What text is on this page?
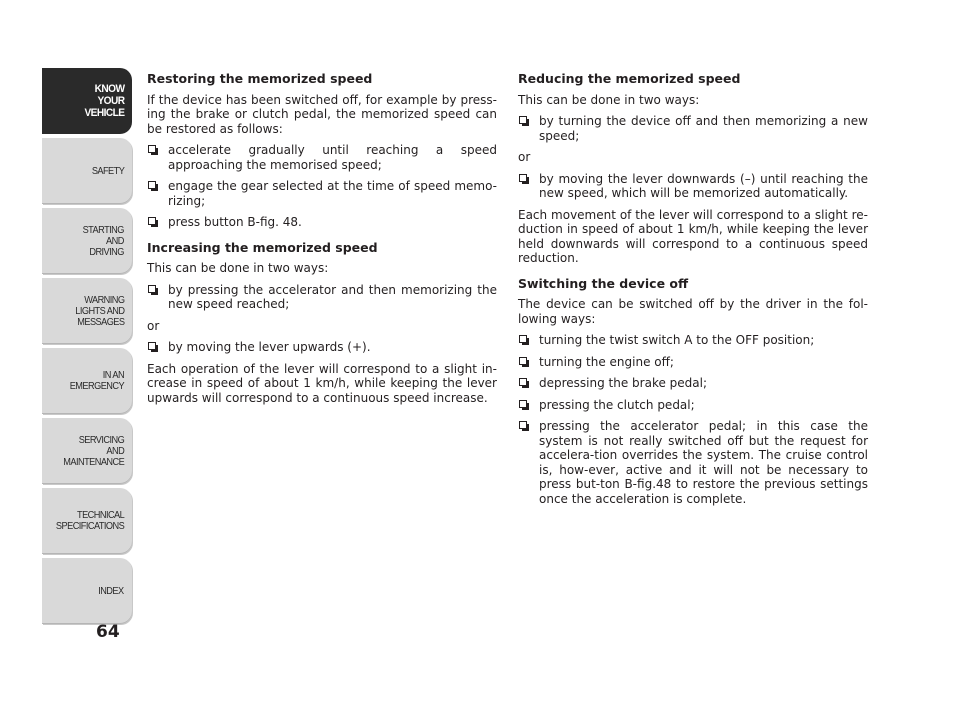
KNOW
YOUR
VEHICLE
SAFETY
STARTING
AND
DRIVING
WARNING
LIGHTS AND
MESSAGES
IN AN
EMERGENCY
SERVICING
AND
MAINTENANCE
TECHNICAL
SPECIFICATIONS
INDEX
64
Restoring the memorized speed

If the device has been switched off, for example by press-ing the brake or clutch pedal, the memorized speed can be restored as follows:

accelerate gradually until reaching a speed approaching the memorised speed;
engage the gear selected at the time of speed memo-rizing;
press button B-fig. 48.
Increasing the memorized speed

This can be done in two ways:

by pressing the accelerator and then memorizing the new speed reached;

or

by moving the lever upwards (+).

Each operation of the lever will correspond to a slight in-crease in speed of about 1 km/h, while keeping the lever upwards will correspond to a continuous speed increase.

Reducing the memorized speed

This can be done in two ways:

by turning the device off and then memorizing a new speed;

or

by moving the lever downwards (–) until reaching the new speed, which will be memorized automatically.

Each movement of the lever will correspond to a slight re-duction in speed of about 1 km/h, while keeping the lever held downwards will correspond to a continuous speed reduction.

Switching the device off

The device can be switched off by the driver in the fol-lowing ways:

turning the twist switch A to the OFF position;
turning the engine off;
depressing the brake pedal;
pressing the clutch pedal;
pressing the accelerator pedal; in this case the system is not really switched off but the request for accelera-tion overrides the system. The cruise control is, how-ever, active and it will not be necessary to press but-ton B-fig.48 to restore the previous settings once the acceleration is complete.
